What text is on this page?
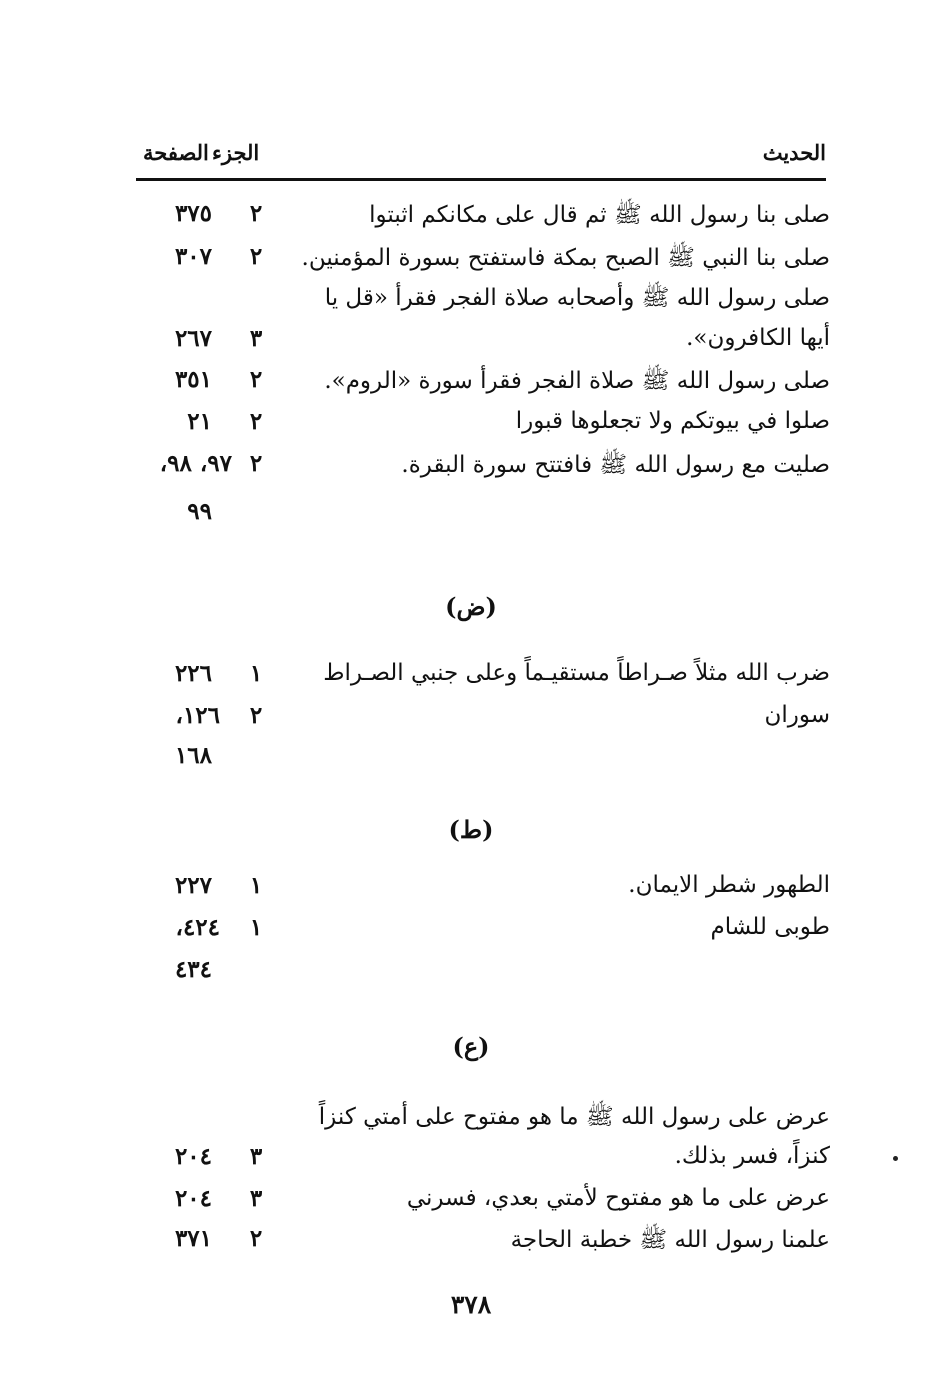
الحديث
الجزء
الصفحة
صلى بنا رسول الله ﷺ ثم قال على مكانكم اثبتوا
٢
٣٧٥
صلى بنا النبي ﷺ الصبح بمكة فاستفتح بسورة المؤمنين.
٢
٣٠٧
صلى رسول الله ﷺ وأصحابه صلاة الفجر فقرأ «قل يا
أيها الكافرون».
٣
٢٦٧
صلى رسول الله ﷺ صلاة الفجر فقرأ سورة «الروم».
٢
٣٥١
صلوا في بيوتكم ولا تجعلوها قبورا
٢
٢١
صليت مع رسول الله ﷺ فافتتح سورة البقرة.
٢
٩٧، ٩٨،
٩٩
(ض)
ضرب الله مثلاً صـراطاً مستقيـماً وعلى جنبي الصـراط
١
٢٢٦
سوران
٢
١٢٦،
١٦٨
(ط)
الطهور شطر الايمان.
١
٢٢٧
طوبى للشام
١
٤٢٤،
٤٣٤
(ع)
عرض على رسول الله ﷺ ما هو مفتوح على أمتي كنزاً
كنزاً، فسر بذلك.
٣
٢٠٤
عرض على ما هو مفتوح لأمتي بعدي، فسرني
٣
٢٠٤
علمنا رسول الله ﷺ خطبة الحاجة
٢
٣٧١
٣٧٨
